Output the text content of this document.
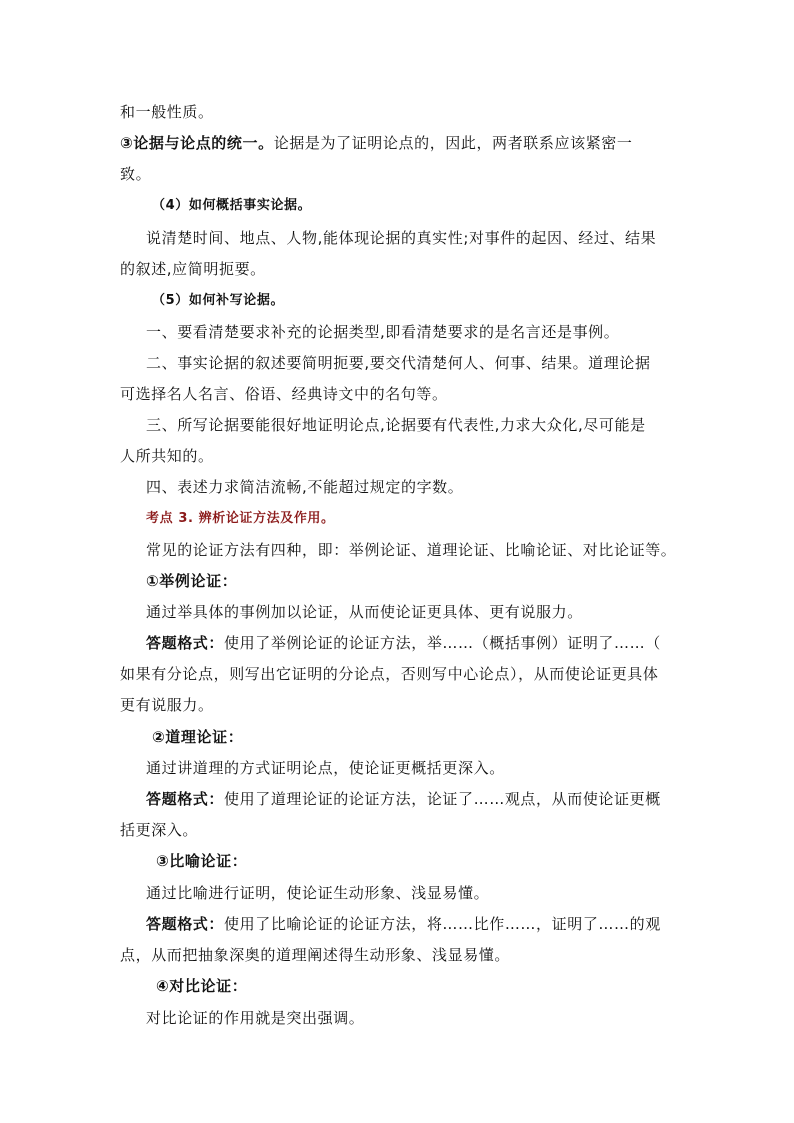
和一般性质。
③论据与论点的统一。论据是为了证明论点的，因此，两者联系应该紧密一
致。
（4）如何概括事实论据。
说清楚时间、地点、人物,能体现论据的真实性;对事件的起因、经过、结果
的叙述,应简明扼要。
（5）如何补写论据。
一、要看清楚要求补充的论据类型,即看清楚要求的是名言还是事例。
二、事实论据的叙述要简明扼要,要交代清楚何人、何事、结果。道理论据
可选择名人名言、俗语、经典诗文中的名句等。
三、所写论据要能很好地证明论点,论据要有代表性,力求大众化,尽可能是
人所共知的。
四、表述力求简洁流畅,不能超过规定的字数。
考点 3. 辨析论证方法及作用。
常见的论证方法有四种，即：举例论证、道理论证、比喻论证、对比论证等。
①举例论证：
通过举具体的事例加以论证，从而使论证更具体、更有说服力。
答题格式：使用了举例论证的论证方法，举……（概括事例）证明了……（
如果有分论点，则写出它证明的分论点，否则写中心论点），从而使论证更具体
更有说服力。
②道理论证：
通过讲道理的方式证明论点，使论证更概括更深入。
答题格式：使用了道理论证的论证方法，论证了……观点，从而使论证更概
括更深入。
③比喻论证：
通过比喻进行证明，使论证生动形象、浅显易懂。
答题格式：使用了比喻论证的论证方法，将……比作……，证明了……的观
点，从而把抽象深奥的道理阐述得生动形象、浅显易懂。
④对比论证：
对比论证的作用就是突出强调。
